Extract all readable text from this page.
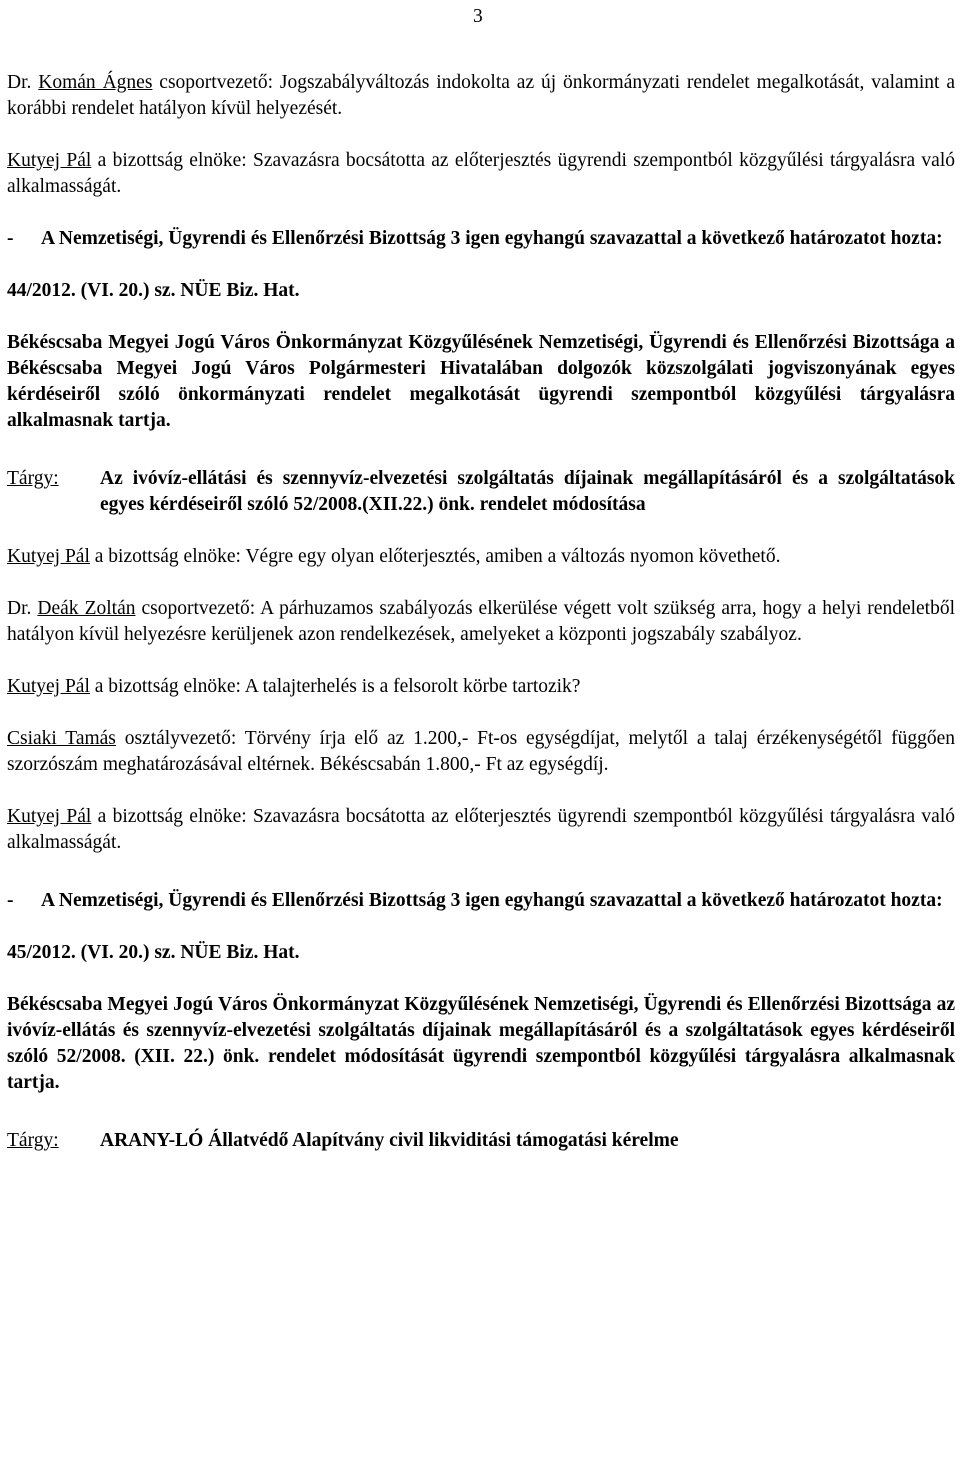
3

Dr. Komán Ágnes csoportvezető: Jogszabályváltozás indokolta az új önkormányzati rendelet megalkotását, valamint a korábbi rendelet hatályon kívül helyezését.

Kutyej Pál a bizottság elnöke: Szavazásra bocsátotta az előterjesztés ügyrendi szempontból közgyűlési tárgyalásra való alkalmasságát.

-	A Nemzetiségi, Ügyrendi és Ellenőrzési Bizottság 3 igen egyhangú szavazattal a következő határozatot hozta:

44/2012. (VI. 20.) sz. NÜE Biz. Hat.

Békéscsaba Megyei Jogú Város Önkormányzat Közgyűlésének Nemzetiségi, Ügyrendi és Ellenőrzési Bizottsága a Békéscsaba Megyei Jogú Város Polgármesteri Hivatalában dolgozók közszolgálati jogviszonyának egyes kérdéseiről szóló önkormányzati rendelet megalkotását ügyrendi szempontból közgyűlési tárgyalásra alkalmasnak tartja.

Tárgy:	Az ivóvíz-ellátási és szennyvíz-elvezetési szolgáltatás díjainak megállapításáról és a szolgáltatások egyes kérdéseiről szóló 52/2008.(XII.22.) önk. rendelet módosítása

Kutyej Pál a bizottság elnöke: Végre egy olyan előterjesztés, amiben a változás nyomon követhető.

Dr. Deák Zoltán csoportvezető: A párhuzamos szabályozás elkerülése végett volt szükség arra, hogy a helyi rendeletből hatályon kívül helyezésre kerüljenek azon rendelkezések, amelyeket a központi jogszabály szabályoz.

Kutyej Pál a bizottság elnöke: A talajterhelés is a felsorolt körbe tartozik?

Csiaki Tamás osztályvezető: Törvény írja elő az 1.200,- Ft-os egységdíjat, melytől a talaj érzékenységétől függően szorzószám meghatározásával eltérnek. Békéscsabán 1.800,- Ft az egységdíj.

Kutyej Pál a bizottság elnöke: Szavazásra bocsátotta az előterjesztés ügyrendi szempontból közgyűlési tárgyalásra való alkalmasságát.

-	A Nemzetiségi, Ügyrendi és Ellenőrzési Bizottság 3 igen egyhangú szavazattal a következő határozatot hozta:

45/2012. (VI. 20.) sz. NÜE Biz. Hat.

Békéscsaba Megyei Jogú Város Önkormányzat Közgyűlésének Nemzetiségi, Ügyrendi és Ellenőrzési Bizottsága az ivóvíz-ellátás és szennyvíz-elvezetési szolgáltatás díjainak megállapításáról és a szolgáltatások egyes kérdéseiről szóló 52/2008. (XII. 22.) önk. rendelet módosítását ügyrendi szempontból közgyűlési tárgyalásra alkalmasnak tartja.

Tárgy:	ARANY-LÓ Állatvédő Alapítvány civil likviditási támogatási kérelme
